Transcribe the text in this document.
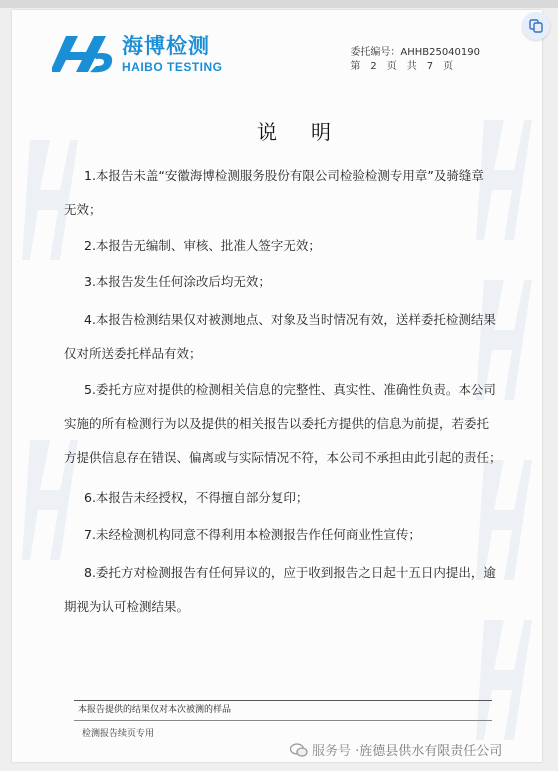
海博检测
HAIBO TESTING
委托编号：AHHB25040190
第　2　页　共　7　页
说明
1.本报告未盖“安徽海博检测服务股份有限公司检验检测专用章”及骑缝章
无效；
2.本报告无编制、审核、批准人签字无效；
3.本报告发生任何涂改后均无效；
4.本报告检测结果仅对被测地点、对象及当时情况有效，送样委托检测结果
仅对所送委托样品有效；
5.委托方应对提供的检测相关信息的完整性、真实性、准确性负责。本公司
实施的所有检测行为以及提供的相关报告以委托方提供的信息为前提，若委托
方提供信息存在错误、偏离或与实际情况不符，本公司不承担由此引起的责任；
6.本报告未经授权，不得擅自部分复印；
7.未经检测机构同意不得利用本检测报告作任何商业性宣传；
8.委托方对检测报告有任何异议的，应于收到报告之日起十五日内提出，逾
期视为认可检测结果。
本报告提供的结果仅对本次被测的样品
检测报告续页专用
服务号 · 旌德县供水有限责任公司
